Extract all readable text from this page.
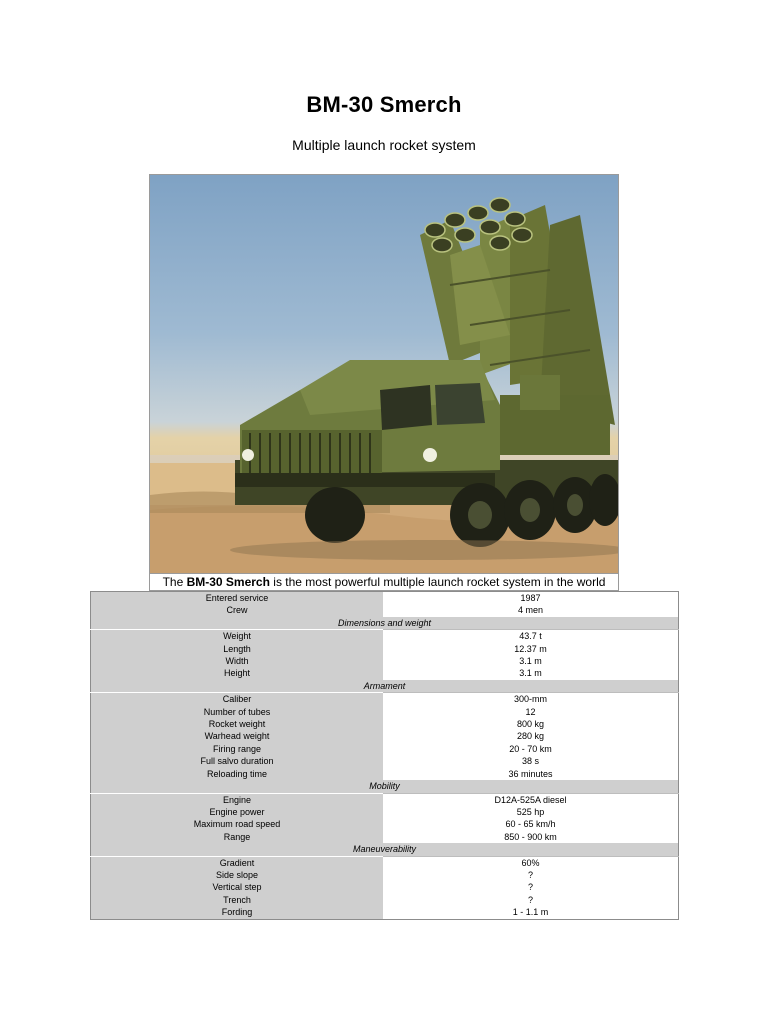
BM-30 Smerch
Multiple launch rocket system
The BM-30 Smerch is the most powerful multiple launch rocket system in the world
Entered service	1987
Crew	4 men
Dimensions and weight	
Weight	43.7 t
Length	12.37 m
Width	3.1 m
Height	3.1 m
Armament	
Caliber	300-mm
Number of tubes	12
Rocket weight	800 kg
Warhead weight	280 kg
Firing range	20 - 70 km
Full salvo duration	38 s
Reloading time	36 minutes
Mobility	
Engine	D12A-525A diesel
Engine power	525 hp
Maximum road speed	60 - 65 km/h
Range	850 - 900 km
Maneuverability	
Gradient	60%
Side slope	?
Vertical step	?
Trench	?
Fording	1 - 1.1 m
